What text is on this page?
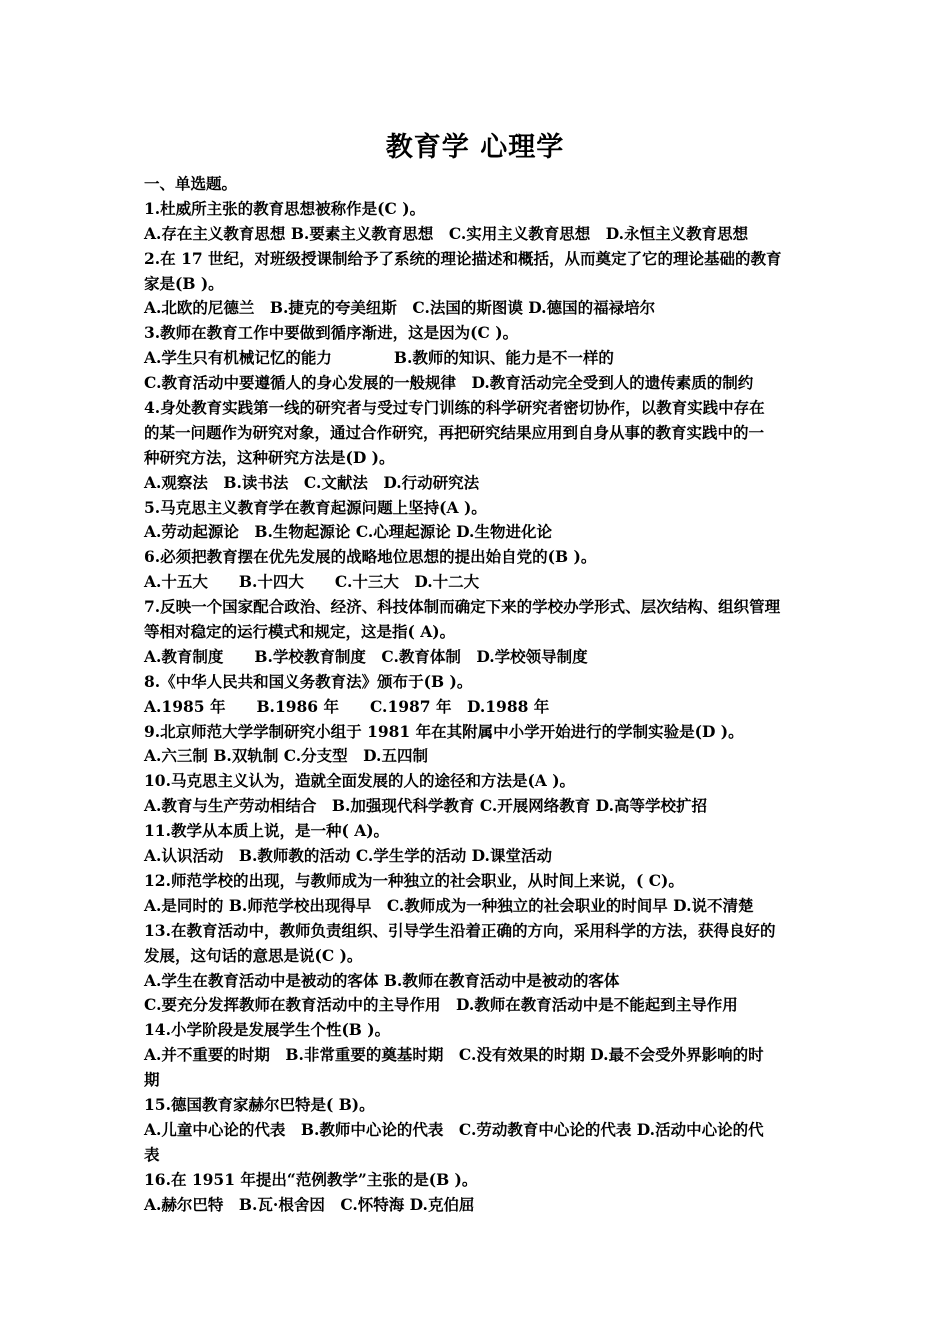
教育学 心理学
一、单选题。
1.杜威所主张的教育思想被称作是(C )。
A.存在主义教育思想 B.要素主义教育思想　C.实用主义教育思想　D.永恒主义教育思想
2.在 17 世纪，对班级授课制给予了系统的理论描述和概括，从而奠定了它的理论基础的教育
家是(B )。
A.北欧的尼德兰　B.捷克的夸美纽斯　C.法国的斯图谟 D.德国的福禄培尔
3.教师在教育工作中要做到循序渐进，这是因为(C )。
A.学生只有机械记忆的能力　　　　B.教师的知识、能力是不一样的
C.教育活动中要遵循人的身心发展的一般规律　D.教育活动完全受到人的遗传素质的制约
4.身处教育实践第一线的研究者与受过专门训练的科学研究者密切协作，以教育实践中存在
的某一问题作为研究对象，通过合作研究，再把研究结果应用到自身从事的教育实践中的一
种研究方法，这种研究方法是(D )。
A.观察法　B.读书法　C.文献法　D.行动研究法
5.马克思主义教育学在教育起源问题上坚持(A )。
A.劳动起源论　B.生物起源论 C.心理起源论 D.生物进化论
6.必须把教育摆在优先发展的战略地位思想的提出始自党的(B )。
A.十五大　　B.十四大　　C.十三大　D.十二大
7.反映一个国家配合政治、经济、科技体制而确定下来的学校办学形式、层次结构、组织管理
等相对稳定的运行模式和规定，这是指( A)。
A.教育制度　　B.学校教育制度　C.教育体制　D.学校领导制度
8.《中华人民共和国义务教育法》颁布于(B )。
A.1985 年　　B.1986 年　　C.1987 年　D.1988 年
9.北京师范大学学制研究小组于 1981 年在其附属中小学开始进行的学制实验是(D )。
A.六三制 B.双轨制 C.分支型　D.五四制
10.马克思主义认为，造就全面发展的人的途径和方法是(A )。
A.教育与生产劳动相结合　B.加强现代科学教育 C.开展网络教育 D.高等学校扩招
11.教学从本质上说，是一种( A)。
A.认识活动　B.教师教的活动 C.学生学的活动 D.课堂活动
12.师范学校的出现，与教师成为一种独立的社会职业，从时间上来说，( C)。
A.是同时的 B.师范学校出现得早　C.教师成为一种独立的社会职业的时间早 D.说不清楚
13.在教育活动中，教师负责组织、引导学生沿着正确的方向，采用科学的方法，获得良好的
发展，这句话的意思是说(C )。
A.学生在教育活动中是被动的客体 B.教师在教育活动中是被动的客体
C.要充分发挥教师在教育活动中的主导作用　D.教师在教育活动中是不能起到主导作用
14.小学阶段是发展学生个性(B )。
A.并不重要的时期　B.非常重要的奠基时期　C.没有效果的时期 D.最不会受外界影响的时
期
15.德国教育家赫尔巴特是( B)。
A.儿童中心论的代表　B.教师中心论的代表　C.劳动教育中心论的代表 D.活动中心论的代
表
16.在 1951 年提出“范例教学”主张的是(B )。
A.赫尔巴特　B.瓦·根舍因　C.怀特海 D.克伯屈
